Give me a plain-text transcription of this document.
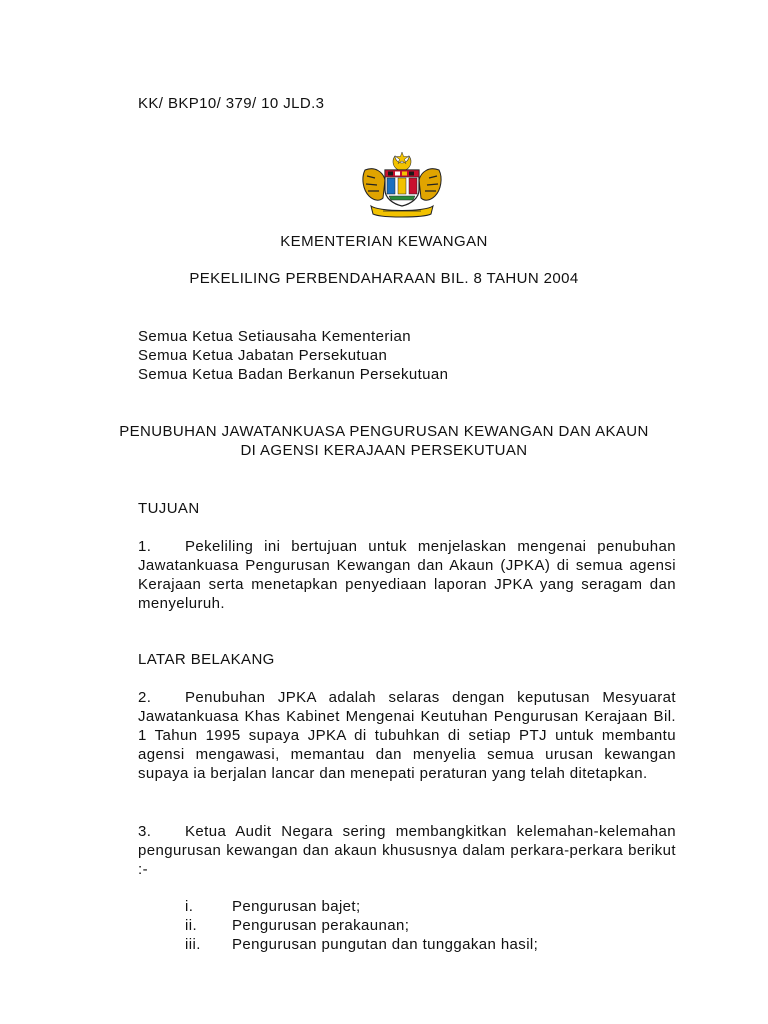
KK/ BKP10/ 379/ 10 JLD.3
KEMENTERIAN KEWANGAN
PEKELILING PERBENDAHARAAN BIL. 8 TAHUN 2004
Semua Ketua Setiausaha Kementerian
Semua Ketua Jabatan Persekutuan
Semua Ketua Badan Berkanun Persekutuan
PENUBUHAN JAWATANKUASA PENGURUSAN KEWANGAN DAN AKAUN
DI AGENSI KERAJAAN PERSEKUTUAN
TUJUAN
1. Pekeliling ini bertujuan untuk menjelaskan mengenai penubuhan Jawatankuasa Pengurusan Kewangan dan Akaun (JPKA) di semua agensi Kerajaan serta menetapkan penyediaan laporan JPKA yang seragam dan menyeluruh.
LATAR BELAKANG
2. Penubuhan JPKA adalah selaras dengan keputusan Mesyuarat Jawatankuasa Khas Kabinet Mengenai Keutuhan Pengurusan Kerajaan Bil. 1 Tahun 1995 supaya JPKA di tubuhkan di setiap PTJ untuk membantu agensi mengawasi, memantau dan menyelia semua urusan kewangan supaya ia berjalan lancar dan menepati peraturan yang telah ditetapkan.
3. Ketua Audit Negara sering membangkitkan kelemahan-kelemahan pengurusan kewangan dan akaun khususnya dalam perkara-perkara berikut :-
i.	Pengurusan bajet;
ii. Pengurusan perakaunan;
iii. Pengurusan pungutan dan tunggakan hasil;
